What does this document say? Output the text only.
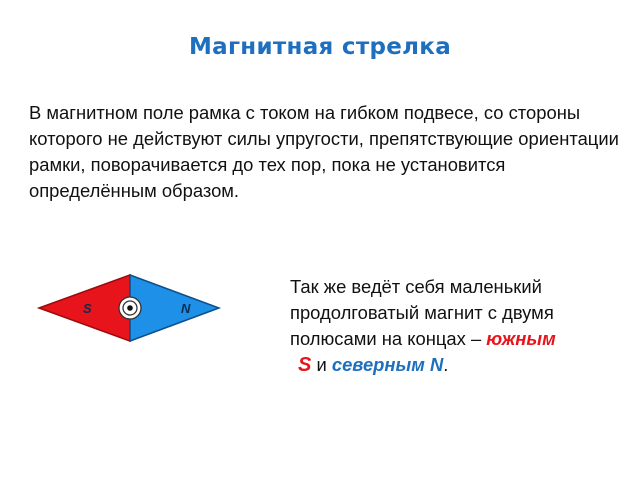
Магнитная стрелка
В магнитном поле рамка с током на гибком подвесе, со стороны которого не действуют силы упругости, препятствующие ориентации рамки, поворачивается до тех пор, пока не установится определённым образом.
S	N
Так же ведёт себя маленький продолговатый магнит с двумя полюсами на концах – южным
S и северным N.
